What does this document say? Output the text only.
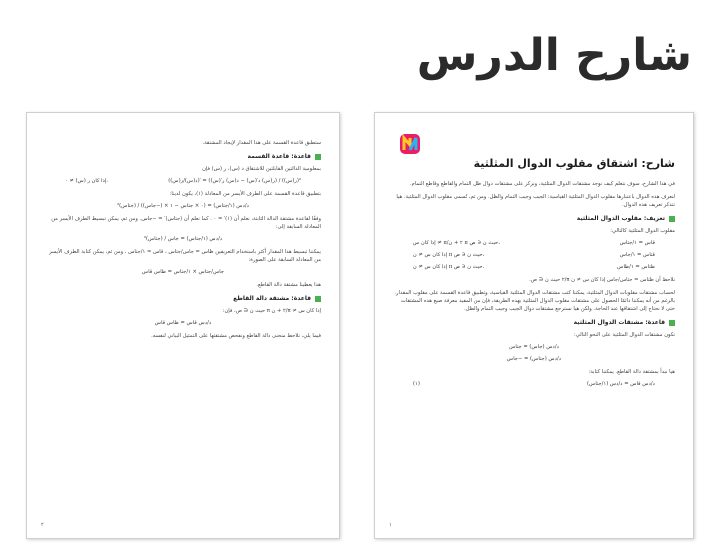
شارح الدرس

ستطبق قاعدة القسمة على هذا المقدار لإيجاد المشتقة.

قاعدة: قاعدة القسمة

بمعلومية الدالتين القابلتين للاشتقاق د (س)، ر (س) فإن

إذا كان ر (س) ≠ ٠.	(د(س)/ر(س))′ = (ر(س) د′(س) − د(س) ر′(س)) / (ر(س))²

بتطبيق قاعدة القسمة على الطرف الأيسر من المعادلة (١)، يكون لدينا:

د/دس (١/جتاس) = (٠ × جتاس − ١ × (−جاس)) / (جتاس)²

وفقًا لقاعدة مشتقة الدالة الثابتة، نعلم أن (١)′ = ٠ . كما نعلم أن (جتاس)′ = −جاس. ومن ثم، يمكن تبسيط الطرف الأيسر من المعادلة السابقة إلى:

د/دس (١/جتاس) = جاس / (جتاس)²

يمكننا تبسيط هذا المقدار أكثر باستخدام التعريفين ظاس = جاس/جتاس ، قاس = ١/جتاس ، ومن ثم، يمكن كتابة الطرف الأيسر من المعادلة السابقة على الصورة:

جاس/جتاس × ١/جتاس = ظاس قاس

هذا يعطينا مشتقة دالة القاطع.

قاعدة: مشتقة دالة القاطع

إذا كان س ≠ π/٢ + ن π حيث ن ∈ ص، فإن:

د/دس قاس = ظاس قاس

فيما يلي، نلاحظ منحنى دالة القاطع ونفحص مشتقتها على التمثيل البياني لنفسه.

٢
شارح: اشتقاق مقلوب الدوال المثلثية

في هذا الشارح، سوف نتعلم كيف نوجد مشتقات الدوال المثلثية، ونركز على مشتقات دوال ظل التمام والقاطع وقاطع التمام.

لنعرف هذه الدوال باعتبارها مقلوب الدوال المثلثية القياسية: الجيب وجيب التمام والظل. ومن ثم، تُسمى مقلوب الدوال المثلثية. هيا نتذكر تعريف هذه الدوال.

تعريف: مقلوب الدوال المثلثية

مقلوب الدوال المثلثية كالتالي:

إذا كان س ≠ π/٢ + ن π حيث ن ∈ ص،	قاس = ١/جتاس
إذا كان س ≠ ن π حيث ن ∈ ص،	قتاس = ١/جاس
إذا كان س ≠ ن π حيث ن ∈ ص.	ظتاس = ١/ظاس

نلاحظ أن ظتاس = جتاس/جاس إذا كان س ≠ ن π/٢ حيث ن ∈ ص.

لحساب مشتقات مقلوبات الدوال المثلثية، يمكننا كتب مشتقات الدوال المثلثية القياسية، وتطبيق قاعدة القسمة على مقلوب المقدار. بالرغم من أنه يمكننا دائمًا الحصول على مشتقات مقلوب الدوال المثلثية بهذه الطريقة، فإن من المفيد معرفة صيغ هذه المشتقات حتى لا نحتاج إلى اشتقاقها عند الحاجة. ولكن هيا نسترجع مشتقات دوال الجيب وجيب التمام والظل.

قاعدة: مشتقات الدوال المثلثية

تكون مشتقات الدوال المثلثية على النحو التالي:

د/دس (جاس) = جتاس
د/دس (جتاس) = −جاس

هيا نبدأ بمشتقة دالة القاطع. يمكننا كتابة:

(١)	د/دس قاس = د/دس (١/جتاس)
١
